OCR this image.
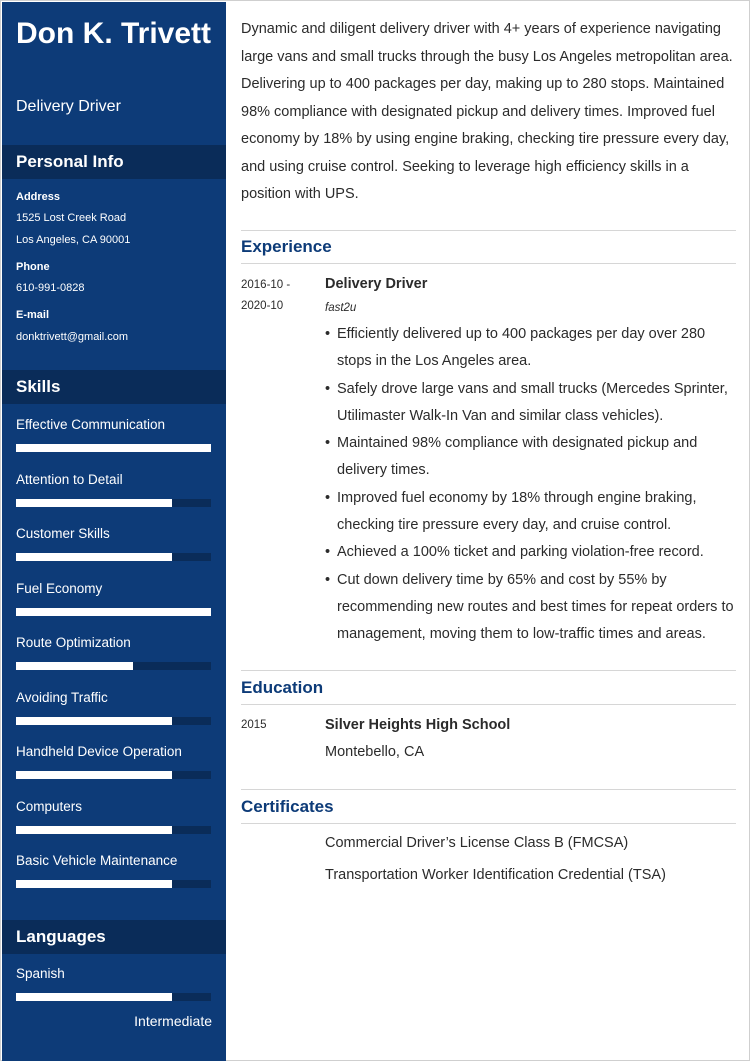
Don K. Trivett
Delivery Driver
Personal Info
Address
1525 Lost Creek Road
Los Angeles, CA 90001
Phone
610-991-0828
E-mail
donktrivett@gmail.com
Skills
Effective Communication
Attention to Detail
Customer Skills
Fuel Economy
Route Optimization
Avoiding Traffic
Handheld Device Operation
Computers
Basic Vehicle Maintenance
Languages
Spanish
Intermediate
Dynamic and diligent delivery driver with 4+ years of experience navigating large vans and small trucks through the busy Los Angeles metropolitan area. Delivering up to 400 packages per day, making up to 280 stops. Maintained 98% compliance with designated pickup and delivery times. Improved fuel economy by 18% by using engine braking, checking tire pressure every day, and using cruise control. Seeking to leverage high efficiency skills in a position with UPS.
Experience
2016-10 -
2020-10
Delivery Driver
fast2u
• Efficiently delivered up to 400 packages per day over 280 stops in the Los Angeles area.
• Safely drove large vans and small trucks (Mercedes Sprinter, Utilimaster Walk-In Van and similar class vehicles).
• Maintained 98% compliance with designated pickup and delivery times.
• Improved fuel economy by 18% through engine braking, checking tire pressure every day, and cruise control.
• Achieved a 100% ticket and parking violation-free record.
• Cut down delivery time by 65% and cost by 55% by recommending new routes and best times for repeat orders to management, moving them to low-traffic times and areas.
Education
2015	Silver Heights High School
Montebello, CA
Certificates
Commercial Driver’s License Class B (FMCSA)
Transportation Worker Identification Credential (TSA)
